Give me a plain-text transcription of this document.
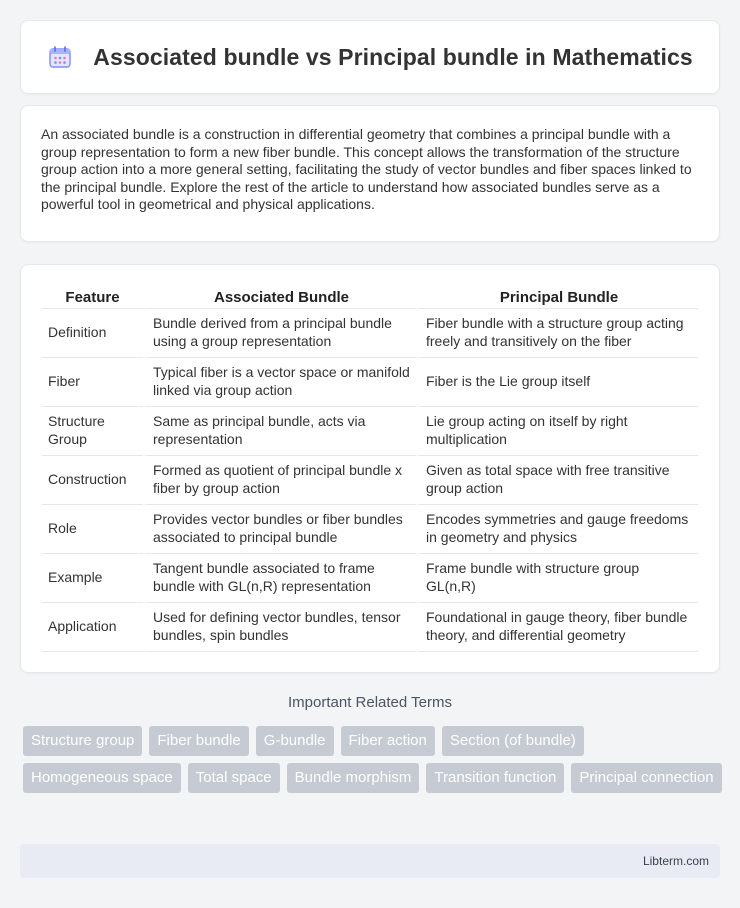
Associated bundle vs Principal bundle in Mathematics

An associated bundle is a construction in differential geometry that combines a principal bundle with a group representation to form a new fiber bundle. This concept allows the transformation of the structure group action into a more general setting, facilitating the study of vector bundles and fiber spaces linked to the principal bundle. Explore the rest of the article to understand how associated bundles serve as a powerful tool in geometrical and physical applications.

Feature	Associated Bundle	Principal Bundle
Definition	Bundle derived from a principal bundle using a group representation	Fiber bundle with a structure group acting freely and transitively on the fiber
Fiber	Typical fiber is a vector space or manifold linked via group action	Fiber is the Lie group itself
Structure Group	Same as principal bundle, acts via representation	Lie group acting on itself by right multiplication
Construction	Formed as quotient of principal bundle x fiber by group action	Given as total space with free transitive group action
Role	Provides vector bundles or fiber bundles associated to principal bundle	Encodes symmetries and gauge freedoms in geometry and physics
Example	Tangent bundle associated to frame bundle with GL(n,R) representation	Frame bundle with structure group GL(n,R)
Application	Used for defining vector bundles, tensor bundles, spin bundles	Foundational in gauge theory, fiber bundle theory, and differential geometry
Important Related Terms
Structure group	Fiber bundle	G-bundle	Fiber action	Section (of bundle)
Homogeneous space	Total space	Bundle morphism	Transition function	Principal connection
Libterm.com
